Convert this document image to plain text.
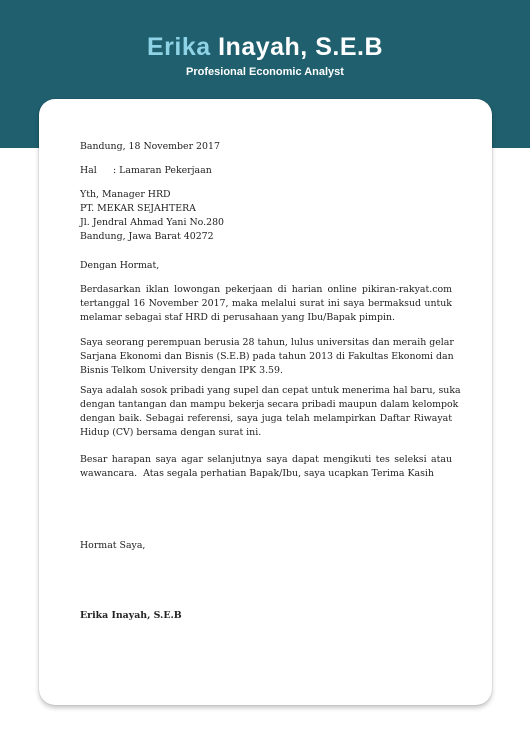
Erika Inayah, S.E.B
Profesional Economic Analyst
Bandung, 18 November 2017
Hal : Lamaran Pekerjaan
Yth, Manager HRD
PT. MEKAR SEJAHTERA
Jl. Jendral Ahmad Yani No.280
Bandung, Jawa Barat 40272
Dengan Hormat,
Berdasarkan iklan lowongan pekerjaan di harian online pikiran-rakyat.com
tertanggal 16 November 2017, maka melalui surat ini saya bermaksud untuk
melamar sebagai staf HRD di perusahaan yang Ibu/Bapak pimpin.
Saya seorang perempuan berusia 28 tahun, lulus universitas dan meraih gelar
Sarjana Ekonomi dan Bisnis (S.E.B) pada tahun 2013 di Fakultas Ekonomi dan
Bisnis Telkom University dengan IPK 3.59.
Saya adalah sosok pribadi yang supel dan cepat untuk menerima hal baru, suka
dengan tantangan dan mampu bekerja secara pribadi maupun dalam kelompok
dengan baik. Sebagai referensi, saya juga telah melampirkan Daftar Riwayat
Hidup (CV) bersama dengan surat ini.
Besar harapan saya agar selanjutnya saya dapat mengikuti tes seleksi atau
wawancara.  Atas segala perhatian Bapak/Ibu, saya ucapkan Terima Kasih
Hormat Saya,
Erika Inayah, S.E.B
